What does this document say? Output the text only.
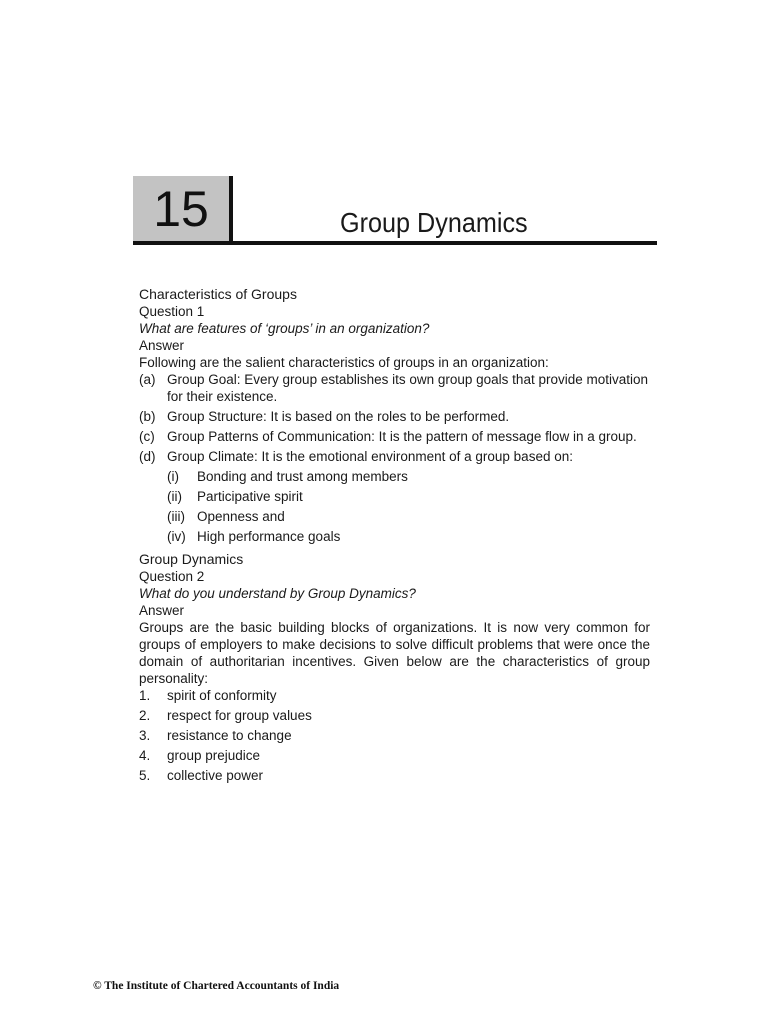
15	Group Dynamics

Characteristics of Groups

Question 1

What are features of ‘groups’ in an organization?

Answer

Following are the salient characteristics of groups in an organization:

(a) Group Goal: Every group establishes its own group goals that provide motivation for their existence.
(b) Group Structure: It is based on the roles to be performed.
(c) Group Patterns of Communication: It is the pattern of message flow in a group.
(d) Group Climate: It is the emotional environment of a group based on:
(i)	Bonding and trust among members
(ii)	Participative spirit
(iii) Openness and
(iv) High performance goals

Group Dynamics

Question 2

What do you understand by Group Dynamics?

Answer

Groups are the basic building blocks of organizations. It is now very common for groups of employers to make decisions to solve difficult problems that were once the domain of authoritarian incentives. Given below are the characteristics of group personality:

1.	spirit of conformity
2.	respect for group values
3.	resistance to change
4.	group prejudice
5.	collective power
© The Institute of Chartered Accountants of India
